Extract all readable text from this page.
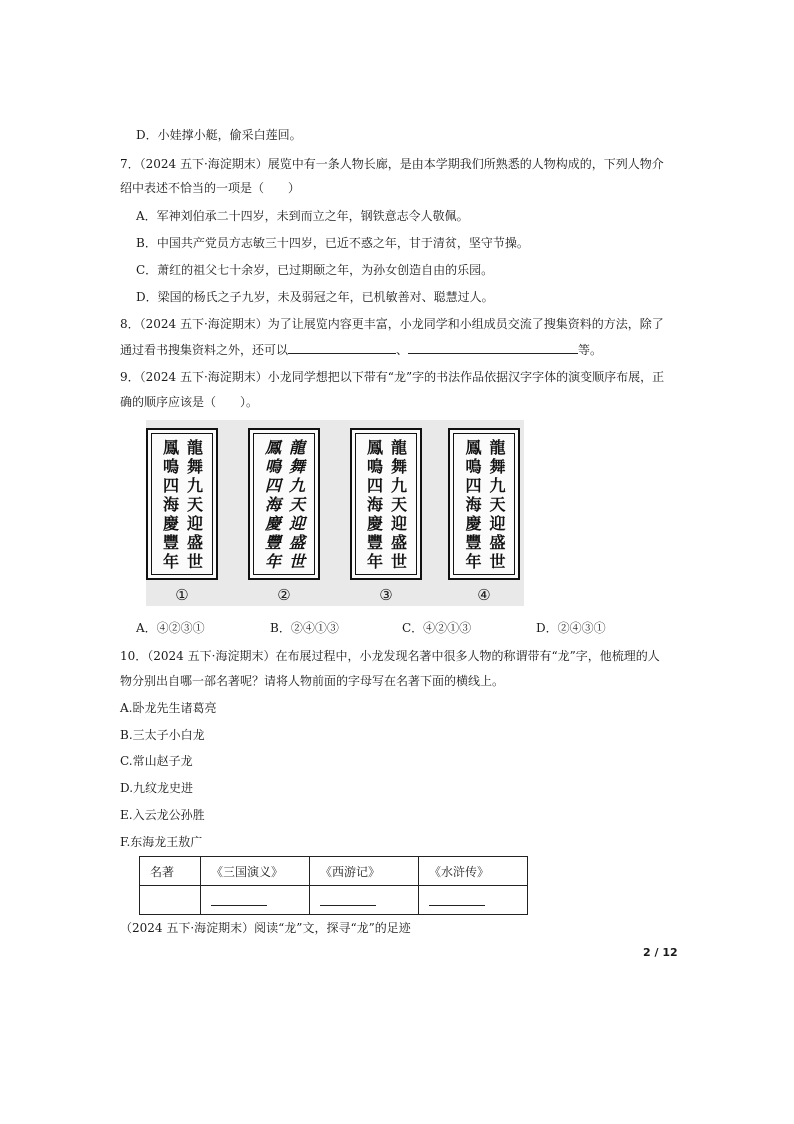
D．小娃撑小艇，偷采白莲回。
7．（2024 五下·海淀期末）展览中有一条人物长廊，是由本学期我们所熟悉的人物构成的，下列人物介
绍中表述不恰当的一项是（　　）
A．军神刘伯承二十四岁，未到而立之年，钢铁意志令人敬佩。
B．中国共产党员方志敏三十四岁，已近不惑之年，甘于清贫，坚守节操。
C．萧红的祖父七十余岁，已过期颐之年，为孙女创造自由的乐园。
D．梁国的杨氏之子九岁，未及弱冠之年，已机敏善对、聪慧过人。
8．（2024 五下·海淀期末）为了让展览内容更丰富，小龙同学和小组成员交流了搜集资料的方法，除了
通过看书搜集资料之外，还可以	、	等。
9．（2024 五下·海淀期末）小龙同学想把以下带有“龙”字的书法作品依据汉字字体的演变顺序布展，正
确的顺序应该是（　　）。
龍
舞
九
天
迎
盛
世
鳳
鳴
四
海
慶
豐
年
①
龍
舞
九
天
迎
盛
世
鳳
鳴
四
海
慶
豐
年
②
龍
舞
九
天
迎
盛
世
鳳
鳴
四
海
慶
豐
年
③
龍
舞
九
天
迎
盛
世
鳳
鳴
四
海
慶
豐
年
④
A．④②③①	B．②④①③	C．④②①③	D．②④③①
10．（2024 五下·海淀期末）在布展过程中，小龙发现名著中很多人物的称谓带有“龙”字，他梳理的人
物分别出自哪一部名著呢？请将人物前面的字母写在名著下面的横线上。
A.卧龙先生诸葛亮
B.三太子小白龙
C.常山赵子龙
D.九纹龙史进
E.入云龙公孙胜
F.东海龙王敖广
名著	《三国演义》	《西游记》	《水浒传》

（2024 五下·海淀期末）阅读“龙”文，探寻“龙”的足迹
2 / 12
